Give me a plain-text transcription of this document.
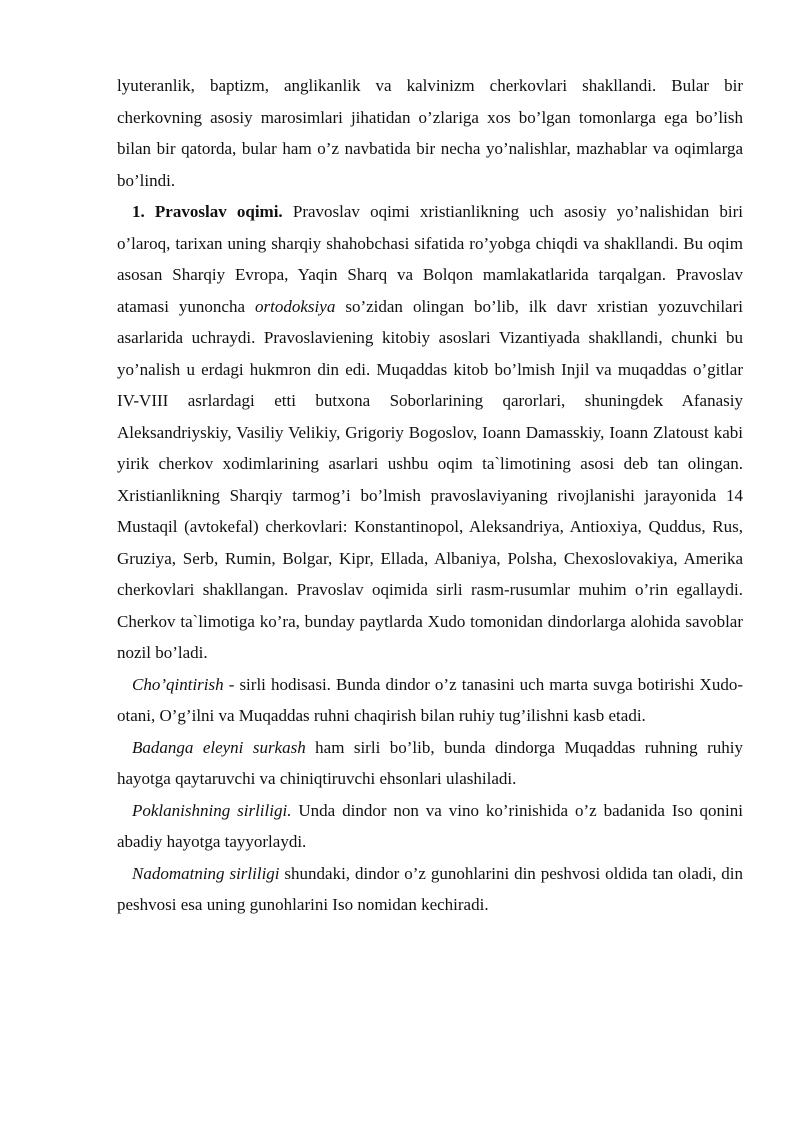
lyuteranlik, baptizm, anglikanlik va kalvinizm cherkovlari shakllandi. Bular bir cherkovning asosiy marosimlari jihatidan o’zlariga xos bo’lgan tomonlarga ega bo’lish bilan bir qatorda, bular ham o’z navbatida bir necha yo’nalishlar, mazhablar va oqimlarga bo’lindi.

1. Pravoslav oqimi. Pravoslav oqimi xristianlikning uch asosiy yo’nalishidan biri o’laroq, tarixan uning sharqiy shahobchasi sifatida ro’yobga chiqdi va shakllandi. Bu oqim asosan Sharqiy Evropa, Yaqin Sharq va Bolqon mamlakatlarida tarqalgan. Pravoslav atamasi yunoncha ortodoksiya so’zidan olingan bo’lib, ilk davr xristian yozuvchilari asarlarida uchraydi. Pravoslaviening kitobiy asoslari Vizantiyada shakllandi, chunki bu yo’nalish u erdagi hukmron din edi. Muqaddas kitob bo’lmish Injil va muqaddas o’gitlar IV-VIII asrlardagi etti butxona Soborlarining qarorlari, shuningdek Afanasiy Aleksandriyskiy, Vasiliy Velikiy, Grigoriy Bogoslov, Ioann Damasskiy, Ioann Zlatoust kabi yirik cherkov xodimlarining asarlari ushbu oqim ta`limotining asosi deb tan olingan. Xristianlikning Sharqiy tarmog’i bo’lmish pravoslaviyaning rivojlanishi jarayonida 14 Mustaqil (avtokefal) cherkovlari: Konstantinopol, Aleksandriya, Antioxiya, Quddus, Rus, Gruziya, Serb, Rumin, Bolgar, Kipr, Ellada, Albaniya, Polsha, Chexoslovakiya, Amerika cherkovlari shakllangan. Pravoslav oqimida sirli rasm-rusumlar muhim o’rin egallaydi. Cherkov ta`limotiga ko’ra, bunday paytlarda Xudo tomonidan dindorlarga alohida savoblar nozil bo’ladi.

Cho’qintirish - sirli hodisasi. Bunda dindor o’z tanasini uch marta suvga botirishi Xudo-otani, O’g’ilni va Muqaddas ruhni chaqirish bilan ruhiy tug’ilishni kasb etadi.

Badanga eleyni surkash ham sirli bo’lib, bunda dindorga Muqaddas ruhning ruhiy hayotga qaytaruvchi va chiniqtiruvchi ehsonlari ulashiladi.

Poklanishning sirliligi. Unda dindor non va vino ko’rinishida o’z badanida Iso qonini abadiy hayotga tayyorlaydi.

Nadomatning sirliligi shundaki, dindor o’z gunohlarini din peshvosi oldida tan oladi, din peshvosi esa uning gunohlarini Iso nomidan kechiradi.
